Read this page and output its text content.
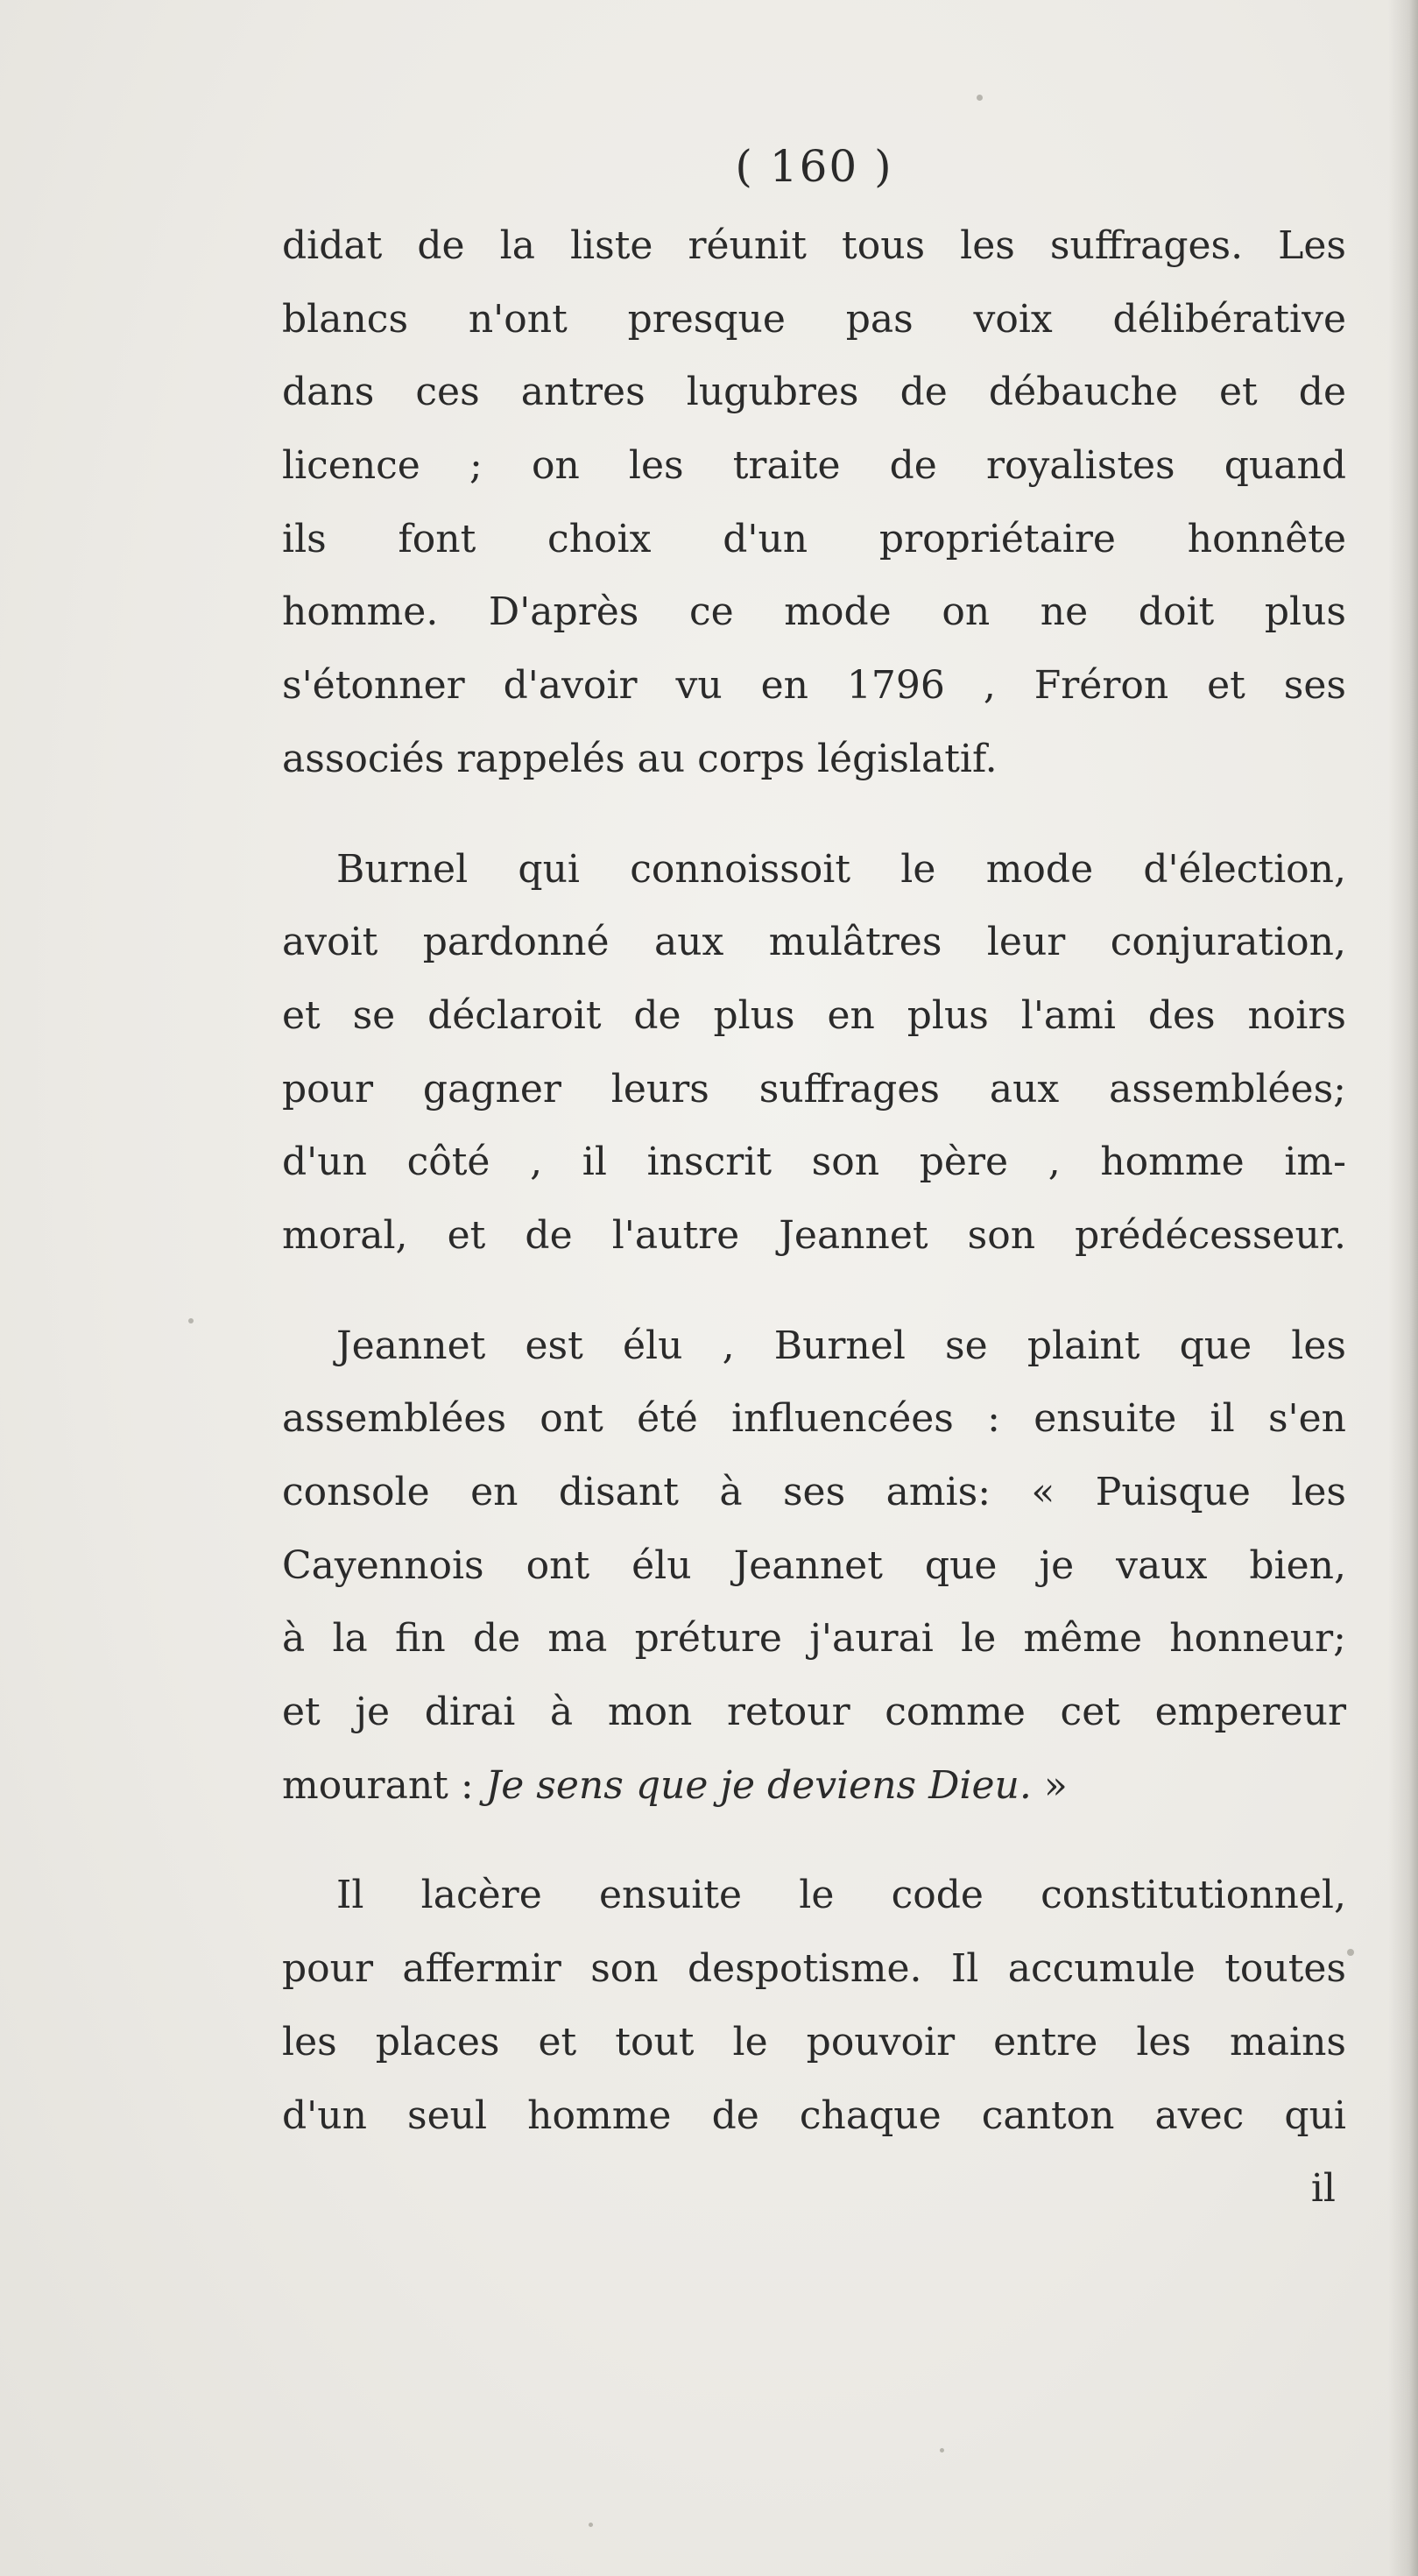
( 160 )
didat de la liste réunit tous les suffrages. Les
blancs n'ont presque pas voix délibérative
dans ces antres lugubres de débauche et de
licence ; on les traite de royalistes quand
ils font choix d'un propriétaire honnête
homme. D'après ce mode on ne doit plus
s'étonner d'avoir vu en 1796 , Fréron et ses
associés rappelés au corps législatif.
Burnel qui connoissoit le mode d'élection,
avoit pardonné aux mulâtres leur conjuration,
et se déclaroit de plus en plus l'ami des noirs
pour gagner leurs suffrages aux assemblées;
d'un côté , il inscrit son père , homme im-
moral, et de l'autre Jeannet son prédécesseur.
Jeannet est élu , Burnel se plaint que les
assemblées ont été influencées : ensuite il s'en
console en disant à ses amis: « Puisque les
Cayennois ont élu Jeannet que je vaux bien,
à la fin de ma préture j'aurai le même honneur;
et je dirai à mon retour comme cet empereur
mourant : Je sens que je deviens Dieu. »
Il lacère ensuite le code constitutionnel,
pour affermir son despotisme. Il accumule toutes
les places et tout le pouvoir entre les mains
d'un seul homme de chaque canton avec qui
il
